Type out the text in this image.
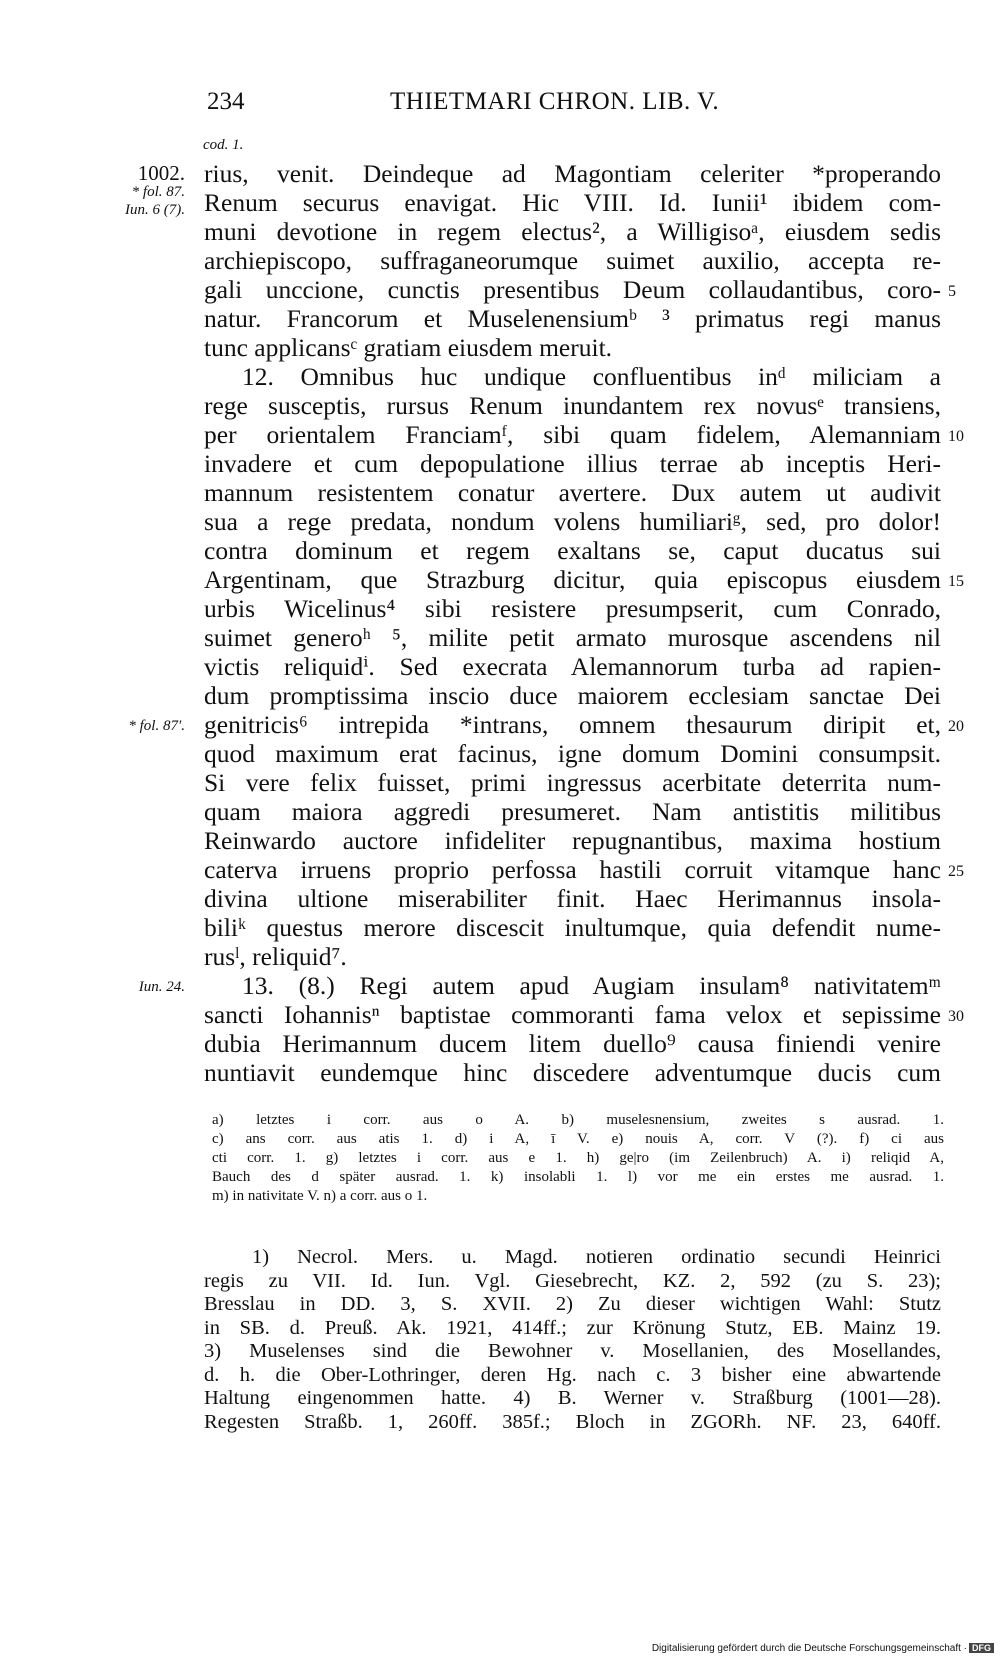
234	THIETMARI CHRON. LIB. V.
cod. 1.
rius, venit. Deindeque ad Magontiam celeriter *properando
Renum securus enavigat. Hic VIII. Id. Iunii¹ ibidem com-
muni devotione in regem electus², a Willigisoᵃ, eiusdem sedis
archiepiscopo, suffraganeorumque suimet auxilio, accepta re-
gali unccione, cunctis presentibus Deum collaudantibus, coro-
natur. Francorum et Muselenensiumᵇ ³ primatus regi manus
tunc applicansᶜ gratiam eiusdem meruit.
12. Omnibus huc undique confluentibus inᵈ miliciam a
rege susceptis, rursus Renum inundantem rex novusᵉ transiens,
per orientalem Franciamᶠ, sibi quam fidelem, Alemanniam
invadere et cum depopulatione illius terrae ab inceptis Heri-
mannum resistentem conatur avertere. Dux autem ut audivit
sua a rege predata, nondum volens humiliariᵍ, sed, pro dolor!
contra dominum et regem exaltans se, caput ducatus sui
Argentinam, que Strazburg dicitur, quia episcopus eiusdem
urbis Wicelinus⁴ sibi resistere presumpserit, cum Conrado,
suimet generoʰ ⁵, milite petit armato murosque ascendens nil
victis reliquidⁱ. Sed execrata Alemannorum turba ad rapien-
dum promptissima inscio duce maiorem ecclesiam sanctae Dei
genitricis⁶ intrepida *intrans, omnem thesaurum diripit et,
quod maximum erat facinus, igne domum Domini consumpsit.
Si vere felix fuisset, primi ingressus acerbitate deterrita num-
quam maiora aggredi presumeret. Nam antistitis militibus
Reinwardo auctore infideliter repugnantibus, maxima hostium
caterva irruens proprio perfossa hastili corruit vitamque hanc
divina ultione miserabiliter finit. Haec Herimannus insola-
biliᵏ questus merore discescit inultumque, quia defendit nume-
rusˡ, reliquid⁷.
13. (8.) Regi autem apud Augiam insulam⁸ nativitatemᵐ
sancti Iohannisⁿ baptistae commoranti fama velox et sepissime
dubia Herimannum ducem litem duello⁹ causa finiendi venire
nuntiavit eundemque hinc discedere adventumque ducis cum
1002.
* fol. 87.
Iun. 6 (7).
* fol. 87′.
Iun. 24.
5
10
15
20
25
30
a) letztes i corr. aus o A. b) muselesnensium, zweites s ausrad. 1.
c) ans corr. aus atis 1. d) i A, ī V. e) nouis A, corr. V (?). f) ci aus
cti corr. 1. g) letztes i corr. aus e 1. h) ge|ro (im Zeilenbruch) A. i) reliqid A,
Bauch des d später ausrad. 1. k) insolabli 1. l) vor me ein erstes me ausrad. 1.
m) in nativitate V. n) a corr. aus o 1.
1) Necrol. Mers. u. Magd. notieren ordinatio secundi Heinrici
regis zu VII. Id. Iun. Vgl. Giesebrecht, KZ. 2, 592 (zu S. 23);
Bresslau in DD. 3, S. XVII. 2) Zu dieser wichtigen Wahl: Stutz
in SB. d. Preuß. Ak. 1921, 414ff.; zur Krönung Stutz, EB. Mainz 19.
3) Muselenses sind die Bewohner v. Mosellanien, des Mosellandes,
d. h. die Ober-Lothringer, deren Hg. nach c. 3 bisher eine abwartende
Haltung eingenommen hatte. 4) B. Werner v. Straßburg (1001—28).
Regesten Straßb. 1, 260ff. 385f.; Bloch in ZGORh. NF. 23, 640ff.
Digitalisierung gefördert durch die Deutsche Forschungsgemeinschaft · DFG
